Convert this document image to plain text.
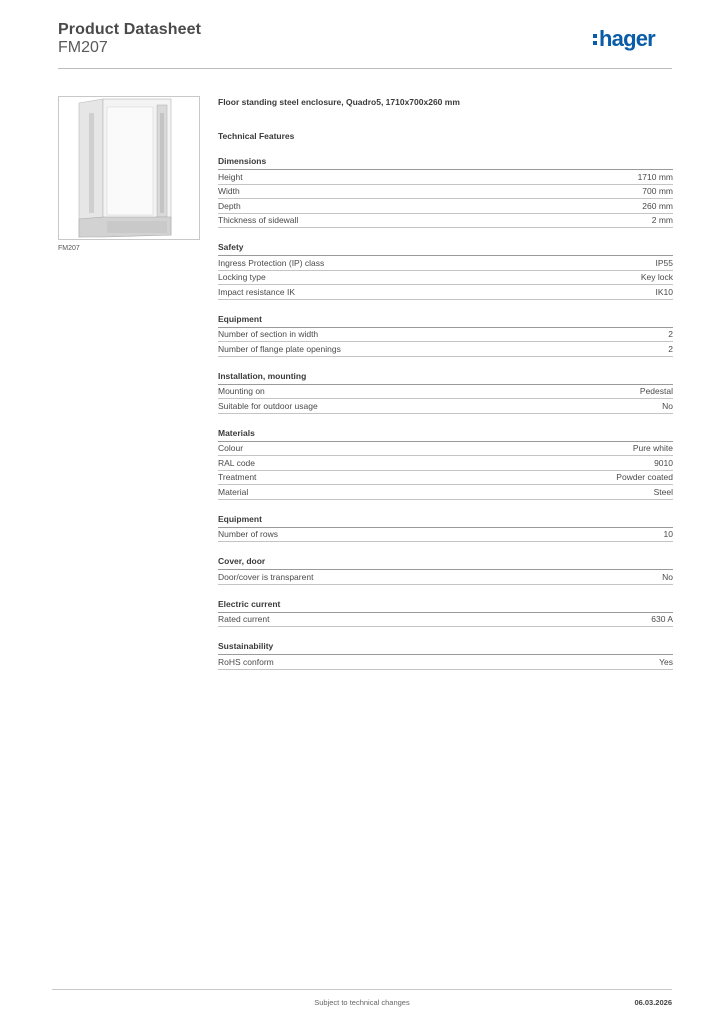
Product Datasheet
FM207	hager
FM207
Floor standing steel enclosure, Quadro5, 1710x700x260 mm
Technical Features
Dimensions
Height	1710 mm
Width	700 mm
Depth	260 mm
Thickness of sidewall	2 mm
Safety
Ingress Protection (IP) class	IP55
Locking type	Key lock
Impact resistance IK	IK10
Equipment
Number of section in width	2
Number of flange plate openings	2
Installation, mounting
Mounting on	Pedestal
Suitable for outdoor usage	No
Materials
Colour	Pure white
RAL code	9010
Treatment	Powder coated
Material	Steel
Equipment
Number of rows	10
Cover, door
Door/cover is transparent	No
Electric current
Rated current	630 A
Sustainability
RoHS conform	Yes
Subject to technical changes	06.03.2026
